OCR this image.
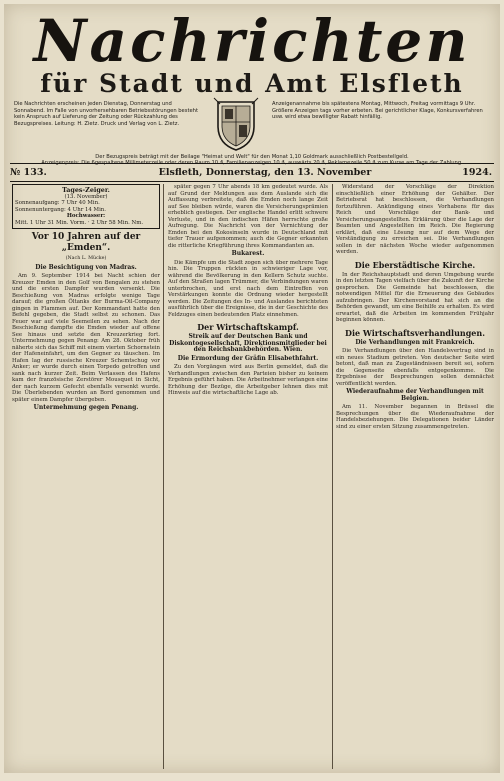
Nachrichten
für Stadt und Amt Elsfleth
Die Nachrichten erscheinen jeden Dienstag, Donnerstag und Sonnabend. Im Falle von unvorhersehbaren Betriebsstörungen besteht kein Anspruch auf Lieferung der Zeitung oder Rückzahlung des Bezugspreises. Leitung: H. Zietz. Druck und Verlag von L. Zietz.
Anzeigenannahme bis spätestens Montag, Mittwoch, Freitag vormittags 9 Uhr. Größere Anzeigen tags vorher erbeten. Bei gerichtlicher Klage, Konkursverfahren usw. wird etwa bewilligter Rabatt hinfällig.
Der Bezugspreis beträgt mit der Beilage "Heimat und Welt" für den Monat 1,10 Goldmark ausschließlich Postbestellgeld.
№ 133.	Elsfleth, Donnerstag, den 13. November	1924.
Tages-Zeiger.
(13. November)
Sonnenaufgang: 7 Uhr 40 Min.
Sonnenuntergang: 4 Uhr 14 Min.
Hochwasser:
Mitt. 1 Uhr 31 Min. Vorm. · 2 Uhr 58 Min. Nm.
Vor 10 Jahren auf der „Emden“.
(Nach L. Mücke)
Die Besichtigung von Madras.

Am 9. September 1914 bei Nacht schien der Kreuzer Emden in den Golf von Bengalen zu stehen und die ersten Dampfer wurden versenkt. Die Beschießung von Madras erfolgte wenige Tage darauf; die großen Öltanks der Burma-Oil-Company gingen in Flammen auf. Der Kommandant hatte den Befehl gegeben, die Stadt selbst zu schonen. Das Feuer war auf viele Seemeilen zu sehen. Nach der Beschießung dampfte die Emden wieder auf offene See hinaus und setzte den Kreuzerkrieg fort. Untermehmung gegen Penang: Am 28. Oktober früh näherte sich das Schiff mit einem vierten Schornstein der Hafeneinfahrt, um den Gegner zu täuschen. Im Hafen lag der russische Kreuzer Schemtschug vor Anker; er wurde durch einen Torpedo getroffen und sank nach kurzer Zeit. Beim Verlassen des Hafens kam der französische Zerstörer Mousquet in Sicht, der nach kurzem Gefecht ebenfalls versenkt wurde. Die Überlebenden wurden an Bord genommen und später einem Dampfer übergeben.

Untermehmung gegen Penang.

später gegen 7 Uhr abends 18 km gedeutet wurde. Als auf Grund der Meldungen aus dem Auslande sich die Auffassung verbreitete, daß die Emden noch lange Zeit auf See bleiben würde, waren die Versicherungsprämien erheblich gestiegen. Der englische Handel erlitt schwere Verluste, und in den indischen Häfen herrschte große Aufregung. Die Nachricht von der Vernichtung der Emden bei den Kokosinseln wurde in Deutschland mit tiefer Trauer aufgenommen; auch die Gegner erkannten die ritterliche Kriegführung ihres Kommandanten an.

Bukarest.

Die Kämpfe um die Stadt zogen sich über mehrere Tage hin. Die Truppen rückten in schwieriger Lage vor, während die Bevölkerung in den Kellern Schutz suchte. Auf den Straßen lagen Trümmer, die Verbindungen waren unterbrochen, und erst nach dem Eintreffen von Verstärkungen konnte die Ordnung wieder hergestellt werden. Die Zeitungen des In- und Auslandes berichteten ausführlich über die Ereignisse, die in der Geschichte des Feldzuges einen bedeutenden Platz einnehmen.

Der Wirtschaftskampf.
Streik auf der Deutschen Bank und Diskontogesellschaft, Direktionsmitglieder bei den Reichsbankbehörden. Wien.
Die Ermordung der Gräfin Elisabethfahrt.

Zu den Vorgängen wird aus Berlin gemeldet, daß die Verhandlungen zwischen den Parteien bisher zu keinem Ergebnis geführt haben. Die Arbeitnehmer verlangen eine Erhöhung der Bezüge, die Arbeitgeber lehnen dies mit Hinweis auf die wirtschaftliche Lage ab.

Widerstand der Vorschläge der Direktion einschließlich einer Erhöhung der Gehälter. Der Betriebsrat hat beschlossen, die Verhandlungen fortzuführen. Ankündigung eines Vorhabens für das Reich und Vorschläge der Bank- und Versicherungsangestellten. Erklärung über die Lage der Beamten und Angestellten im Reich. Die Regierung erklärt, daß eine Lösung nur auf dem Wege der Verständigung zu erreichen sei. Die Verhandlungen sollen in der nächsten Woche wieder aufgenommen werden.

Die Eberstädtische Kirche.

In der Reichshauptstadt und deren Umgebung wurde in den letzten Tagen vielfach über die Zukunft der Kirche gesprochen. Die Gemeinde hat beschlossen, die notwendigen Mittel für die Erneuerung des Gebäudes aufzubringen. Der Kirchenvorstand hat sich an die Behörden gewandt, um eine Beihilfe zu erhalten. Es wird erwartet, daß die Arbeiten im kommenden Frühjahr beginnen können.

Die Wirtschaftsverhandlungen.
Die Verhandlungen mit Frankreich.

Die Verhandlungen über den Handelsvertrag sind in ein neues Stadium getreten. Von deutscher Seite wird betont, daß man zu Zugeständnissen bereit sei, sofern die Gegenseite ebenfalls entgegenkomme. Die Ergebnisse der Besprechungen sollen demnächst veröffentlicht werden.

Wiederaufnahme der Verhandlungen mit Belgien.

Am 11. November begannen in Brüssel die Besprechungen über die Wiederaufnahme der Handelsbeziehungen. Die Delegationen beider Länder sind zu einer ersten Sitzung zusammengetreten.
